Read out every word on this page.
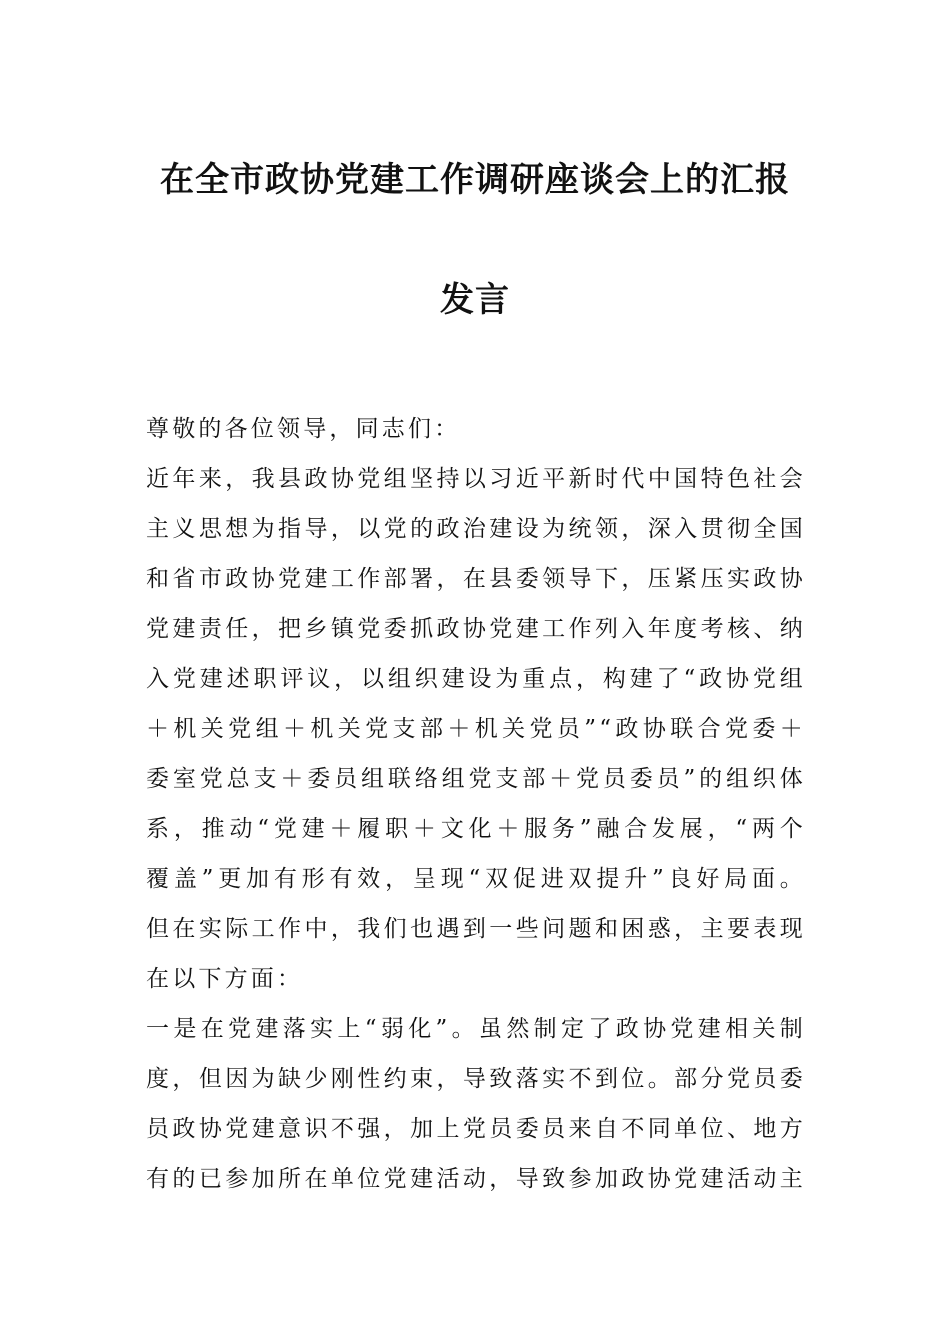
在全市政协党建工作调研座谈会上的汇报
发言
尊敬的各位领导，同志们：
近年来，我县政协党组坚持以习近平新时代中国特色社会
主义思想为指导，以党的政治建设为统领，深入贯彻全国
和省市政协党建工作部署，在县委领导下，压紧压实政协
党建责任，把乡镇党委抓政协党建工作列入年度考核、纳
入党建述职评议，以组织建设为重点，构建了“政协党组
＋机关党组＋机关党支部＋机关党员”“政协联合党委＋
委室党总支＋委员组联络组党支部＋党员委员”的组织体
系，推动“党建＋履职＋文化＋服务”融合发展，“两个
覆盖”更加有形有效，呈现“双促进双提升”良好局面。
但在实际工作中，我们也遇到一些问题和困惑，主要表现
在以下方面：
一是在党建落实上“弱化”。虽然制定了政协党建相关制
度，但因为缺少刚性约束，导致落实不到位。部分党员委
员政协党建意识不强，加上党员委员来自不同单位、地方
有的已参加所在单位党建活动，导致参加政协党建活动主
